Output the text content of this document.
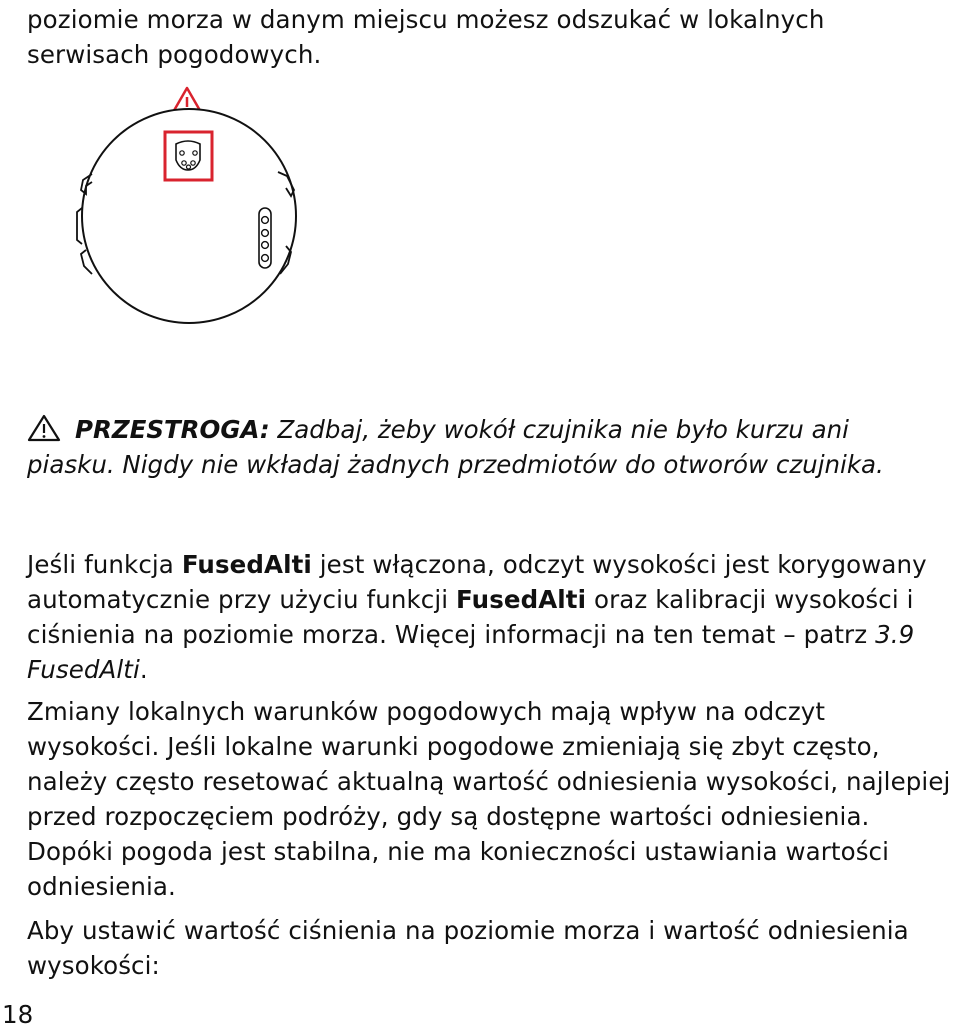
poziomie morza w danym miejscu możesz odszukać w lokalnych serwisach pogodowych.

PRZESTROGA: Zadbaj, żeby wokół czujnika nie było kurzu ani piasku. Nigdy nie wkładaj żadnych przedmiotów do otworów czujnika.

Jeśli funkcja FusedAlti jest włączona, odczyt wysokości jest korygowany automatycznie przy użyciu funkcji FusedAlti oraz kalibracji wysokości i ciśnienia na poziomie morza. Więcej informacji na ten temat – patrz 3.9 FusedAlti.

Zmiany lokalnych warunków pogodowych mają wpływ na odczyt wysokości. Jeśli lokalne warunki pogodowe zmieniają się zbyt często, należy często resetować aktualną wartość odniesienia wysokości, najlepiej przed rozpoczęciem podróży, gdy są dostępne wartości odniesienia. Dopóki pogoda jest stabilna, nie ma konieczności ustawiania wartości odniesienia.

Aby ustawić wartość ciśnienia na poziomie morza i wartość odniesienia wysokości:

18
